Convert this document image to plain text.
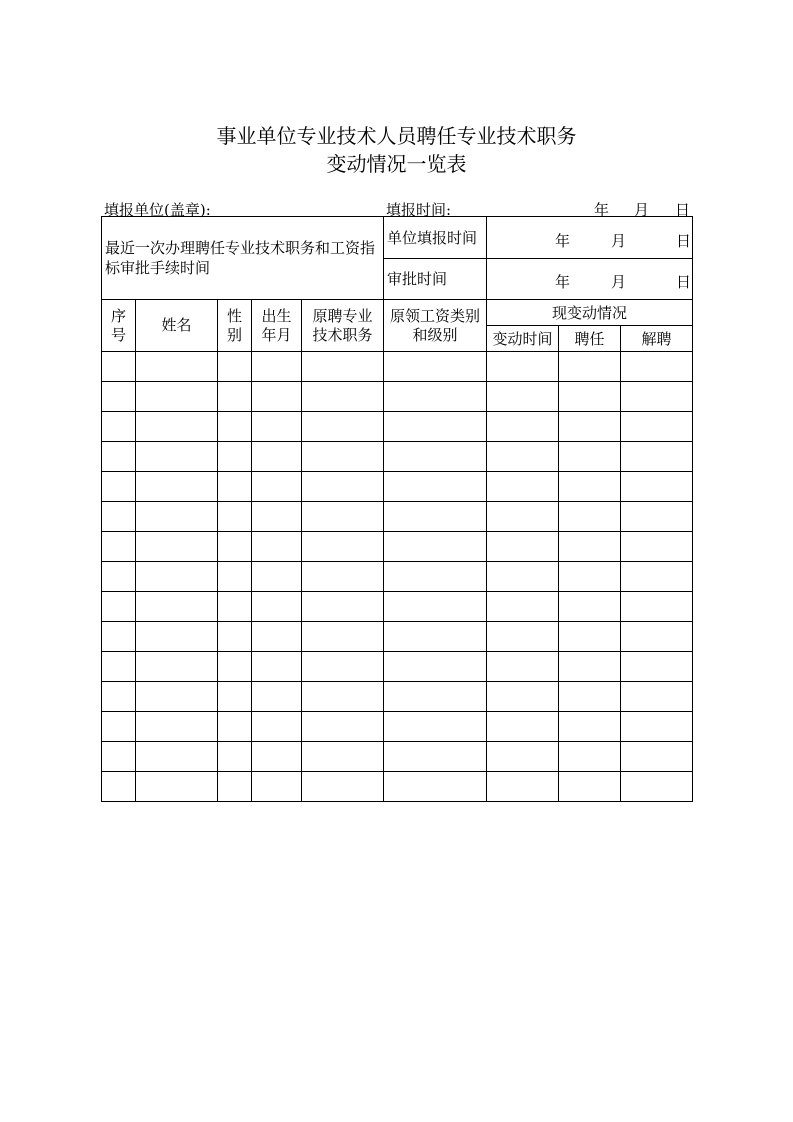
事业单位专业技术人员聘任专业技术职务
变动情况一览表
填报单位(盖章):	填报时间:	年 月 日
最近一次办理聘任专业技术职务和工资指标审批手续时间					单位填报时间	年 月 日		

					审批时间	年 月 日		

序号	姓名	性别	出生年月	原聘专业技术职务	原领工资类别和级别	现变动情况		
						变动时间	聘任	解聘
